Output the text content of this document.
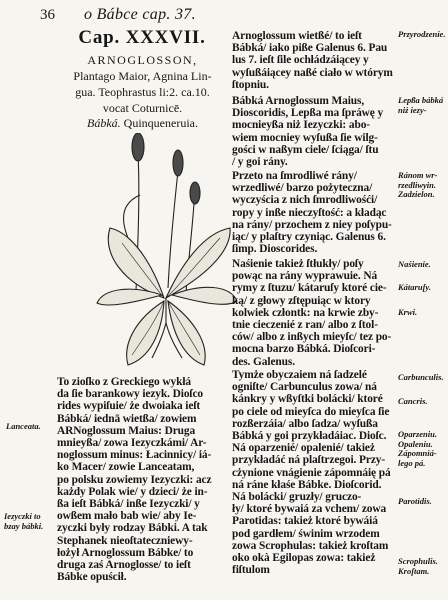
36 o Bábce cap. 37.
Cap. XXXVII.
ARNOGLOSSON,
Plantago Maior, Agnina Lin-
gua. Teophrastus li:2. ca.10.
vocat Coturnicē.
Bábká. Quinqueneruia.
To zioſko z Greckiego wykłá
da ſie barankowy iezyk. Dioſco
rides wypiſuie/ że dwoiaka ieſt
Bábká/ iednā wietßa/ zowiem
ARNoglossum Maius: Druga
mnieyßa/ zowa Iezyczkámi/ Ar-
noglossum minus: Łacinnicy/ iá-
ko Macer/ zowie Lanceatam,
po polsku zowiemy Iezyczki: acz
każdy Polak wie/ y dzieci/ że in-
ßa ieſt Bábká/ inße Iezyczki/ y
owßem mało bab wie/ aby Ie-
zyczki były rodzay Bábki. A tak
Stephanek nieoſtateczniewy-
łożył Arnoglossum Bábke/ to
druga zaś Arnoglosse/ to ieſt
Bábke opuścił.
Arnoglossum wietßé/ to ieſt
Bábká/ iako piße Galenus 6. Pau
lus 7. ieſt ſile ochłádzáiącey y
wyſußáiącey naßé ciało w wtórym
ſtopniu.
Bábká Arnoglossum Maius,
Dioscoridis, Lepßa ma ſpráwę y
mocnieyßa niż Iezyczki: abo-
wiem mocniey wyſußa ſie wilg-
gości w naßym ciele/ ſciąga/ ſtu
/ y goi rány.
Przeto na ſmrodliwé rány/
wrzedliwé/ barzo pożyteczna/
wyczyścia z nich ſmrodliwośći/
ropy y inße nieczyſtość: a kładąc
na rány/ przochem z niey poſypu-
iąc/ y plaſtry czyniąc. Galenus 6.
ſimp. Dioscorides.
Naśienie takież ſtłukły/ poſy
powąc na rány wyprawuie. Ná
rymy z ſtuzu/ kátaruſy ktoré cie-
ką/ z głowy zſtępuiąc w ktory
kolwiek człontk: na krwie zby-
tnie cieczenié z ran/ albo z ſtol-
ców/ albo z inßych mieyſc/ tez po-
mocna barzo Bábká. Dioſcori-
des. Galenus.
Tymże obyczaiem ná ſadzelé
ogniſte/ Carbunculus zowa/ ná
kánkry y wßyſtki bolácki/ ktoré
po ciele od mieyſca do mieyſca ſie
rozßerzáia/ albo ſadza/ wyſußa
Bábká y goi przykładáiac. Dioſc.
Ná oparzenié/ opalenié/ takież
przykładáć ná plaſtrzegoi. Przy-
cżynione vnágienie zápomnáię pá
ná ráne kłaśe Bábke. Dioſcorid.
Ná bolácki/ gruzły/ gruczo-
ły/ ktoré bywaiá za vchem/ zowa
Parotidas: takież ktoré bywáiá
pod gardłem/ świnim wrzodem
zowa Scrophulas: takież kroſtam
oko okà Egilopas zowa: takież
fiſtulom
Lanceata.
Iezyczki to
bzay bábki.
Przyrodzenie.
Lepßa bábká
niż iezy-
Ránom wr-
rzedliwyin.
Zadzielon.
Naśienie.
Kátaruſy.
Krwi.
Carbunculis.
Cancris.
Oparzeniu.
Opaleniu.
Zápomniá-
lego pá.
Parotidis.
Scrophulis.
Kroſtam.
